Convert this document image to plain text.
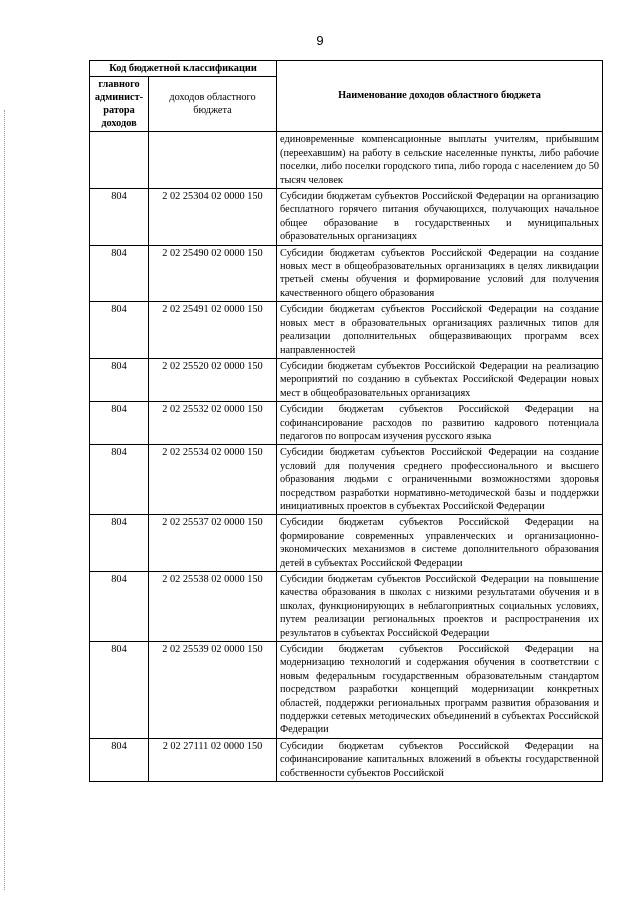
9
Код бюджетной классификации		Наименование доходов областного бюджета
главного админист-ратора доходов	доходов областного бюджета	
		единовременные компенсационные выплаты учителям, прибывшим (переехавшим) на работу в сельские населенные пункты, либо рабочие поселки, либо поселки городского типа, либо города с населением до 50 тысяч человек
804	2 02 25304 02 0000 150	Субсидии бюджетам субъектов Российской Федерации на организацию бесплатного горячего питания обучающихся, получающих начальное общее образование в государственных и муниципальных образовательных организациях
804	2 02 25490 02 0000 150	Субсидии бюджетам субъектов Российской Федерации на создание новых мест в общеобразовательных организациях в целях ликвидации третьей смены обучения и формирование условий для получения качественного общего образования
804	2 02 25491 02 0000 150	Субсидии бюджетам субъектов Российской Федерации на создание новых мест в образовательных организациях различных типов для реализации дополнительных общеразвивающих программ всех направленностей
804	2 02 25520 02 0000 150	Субсидии бюджетам субъектов Российской Федерации на реализацию мероприятий по созданию в субъектах Российской Федерации новых мест в общеобразовательных организациях
804	2 02 25532 02 0000 150	Субсидии бюджетам субъектов Российской Федерации на софинансирование расходов по развитию кадрового потенциала педагогов по вопросам изучения русского языка
804	2 02 25534 02 0000 150	Субсидии бюджетам субъектов Российской Федерации на создание условий для получения среднего профессионального и высшего образования людьми с ограниченными возможностями здоровья посредством разработки нормативно-методической базы и поддержки инициативных проектов в субъектах Российской Федерации
804	2 02 25537 02 0000 150	Субсидии бюджетам субъектов Российской Федерации на формирование современных управленческих и организационно-экономических механизмов в системе дополнительного образования детей в субъектах Российской Федерации
804	2 02 25538 02 0000 150	Субсидии бюджетам субъектов Российской Федерации на повышение качества образования в школах с низкими результатами обучения и в школах, функционирующих в неблагоприятных социальных условиях, путем реализации региональных проектов и распространения их результатов в субъектах Российской Федерации
804	2 02 25539 02 0000 150	Субсидии бюджетам субъектов Российской Федерации на модернизацию технологий и содержания обучения в соответствии с новым федеральным государственным образовательным стандартом посредством разработки концепций модернизации конкретных областей, поддержки региональных программ развития образования и поддержки сетевых методических объединений в субъектах Российской Федерации
804	2 02 27111 02 0000 150	Субсидии бюджетам субъектов Российской Федерации на софинансирование капитальных вложений в объекты государственной собственности субъектов Российской
